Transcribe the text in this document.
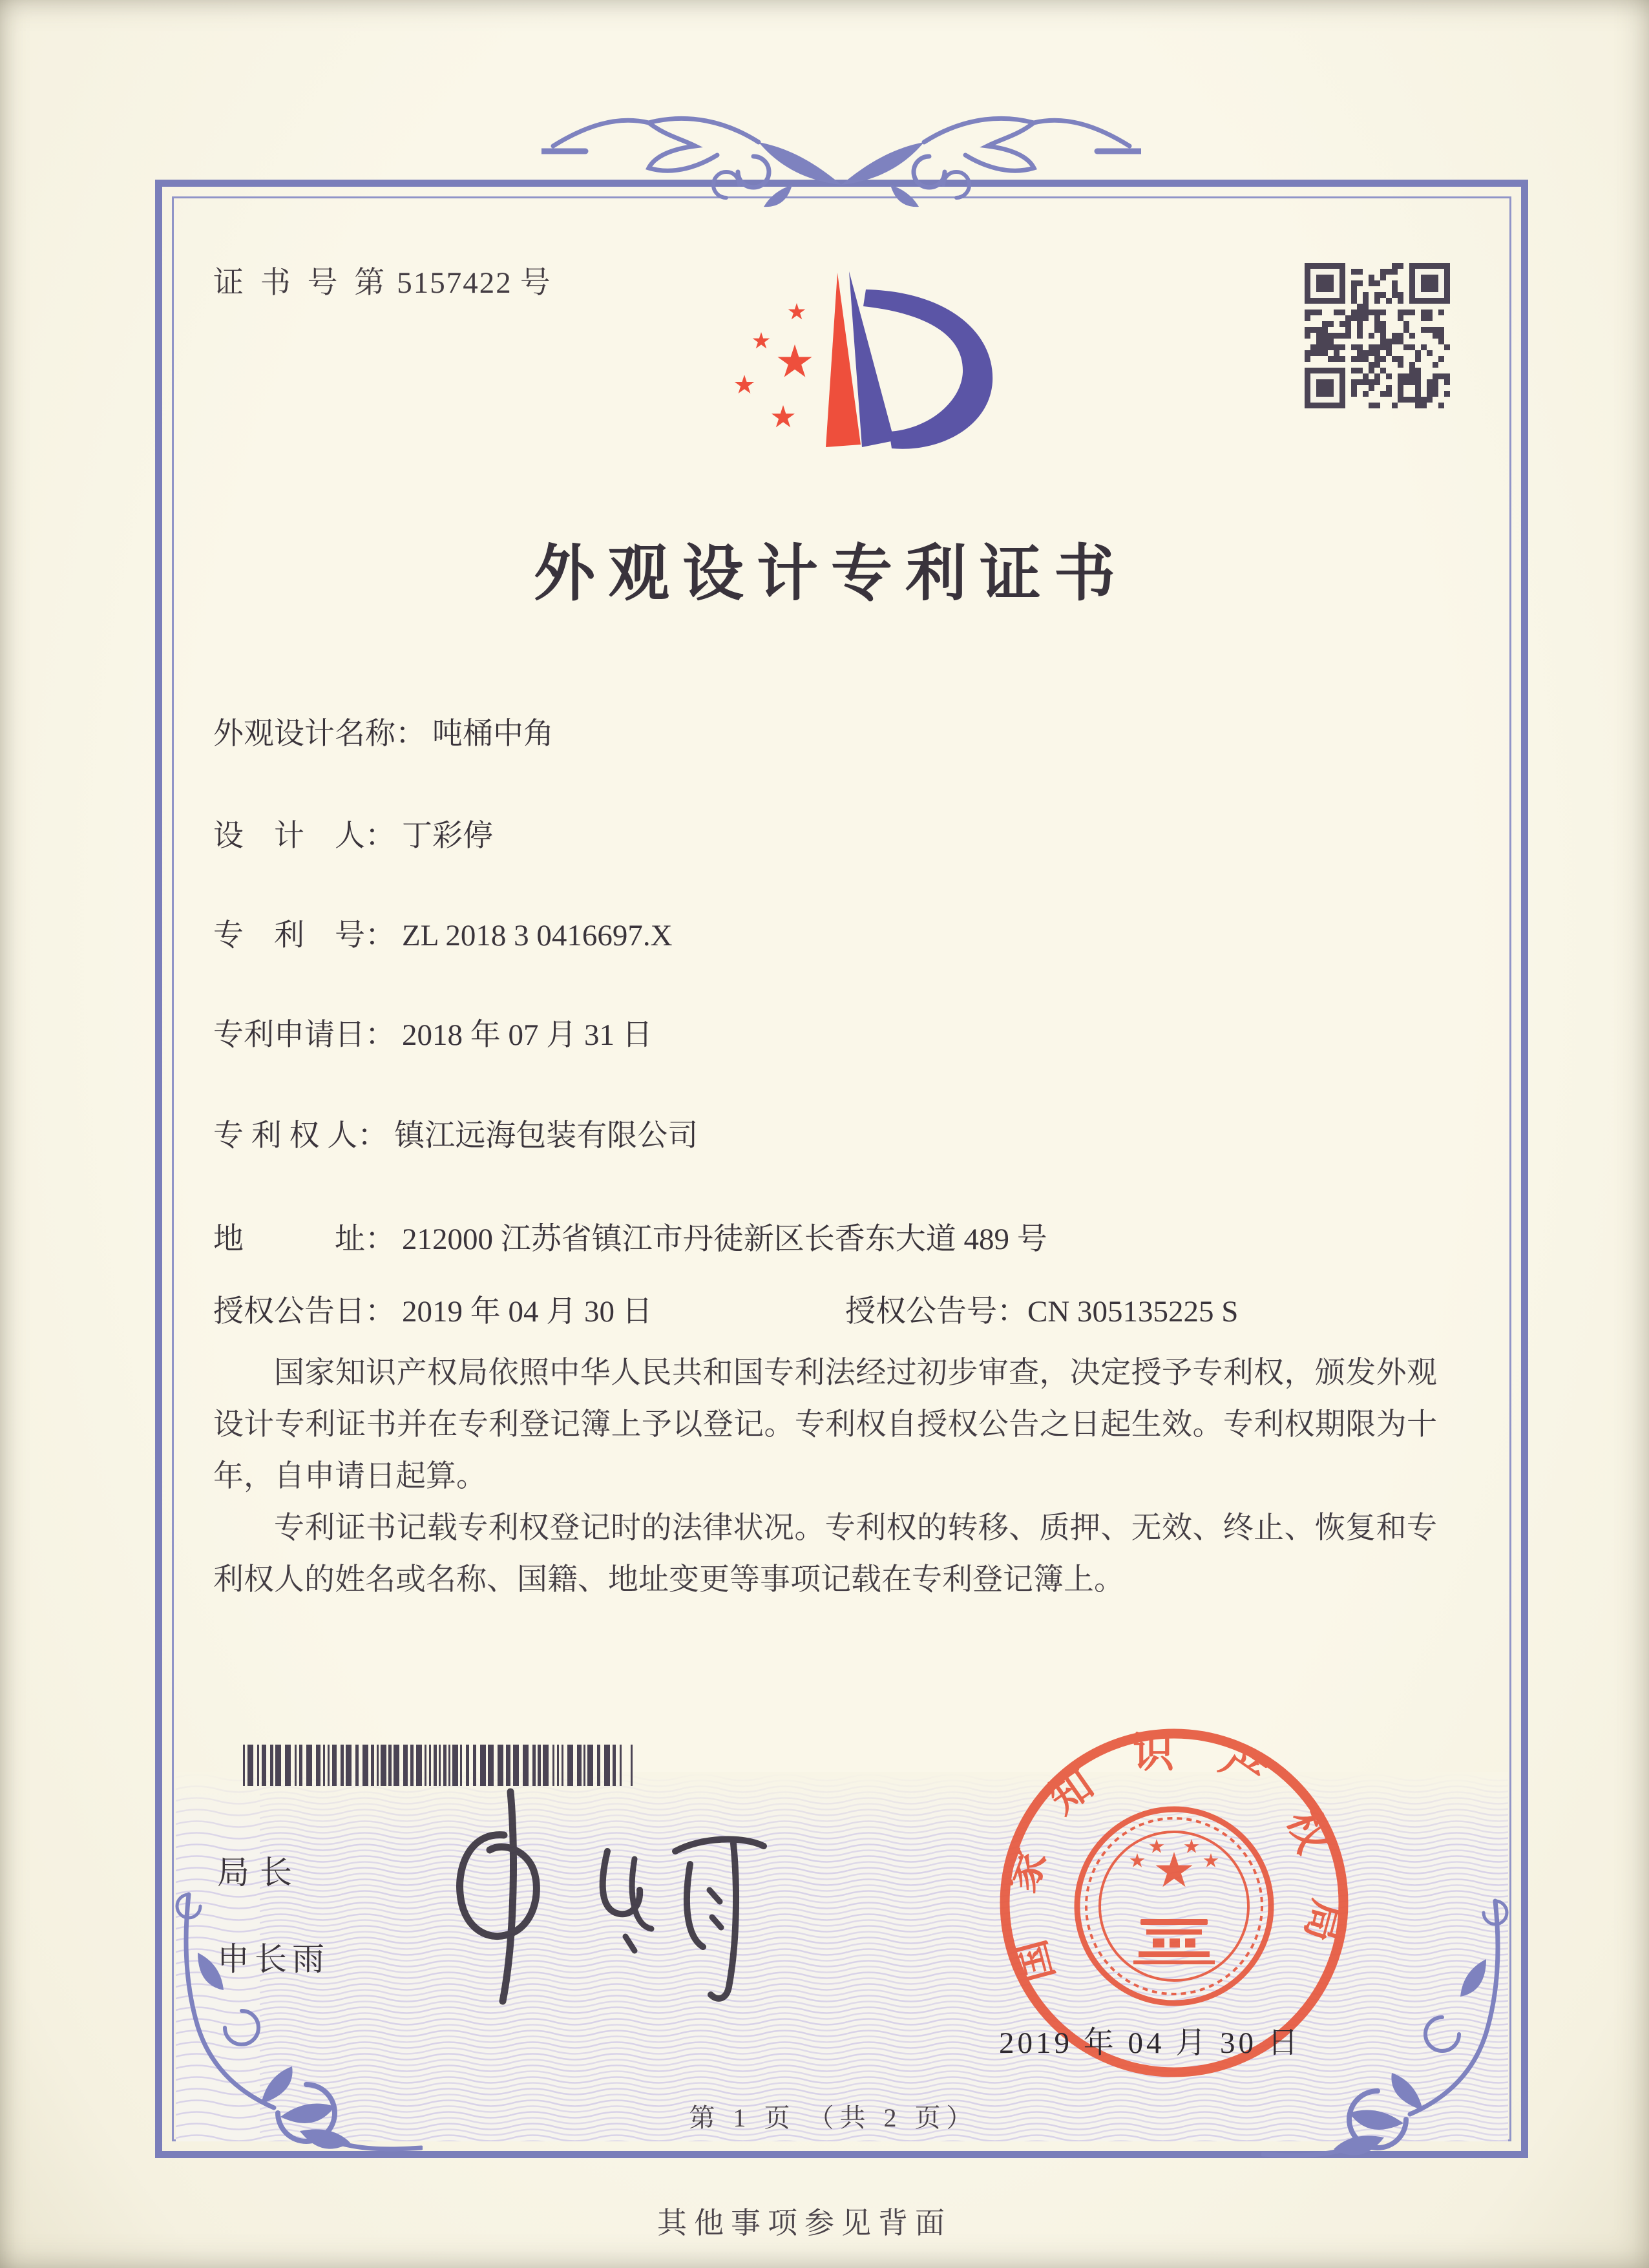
证 书 号 第 5157422 号
外观设计专利证书
外观设计名称： 吨桶中角
设　计　人： 丁彩停
专　利　号： ZL 2018 3 0416697.X
专利申请日： 2018 年 07 月 31 日
专 利 权 人： 镇江远海包装有限公司
地　　　址： 212000 江苏省镇江市丹徒新区长香东大道 489 号
授权公告日： 2019 年 04 月 30 日	授权公告号：CN 305135225 S

国家知识产权局依照中华人民共和国专利法经过初步审查，决定授予专利权，颁发外观设计专利证书并在专利登记簿上予以登记。专利权自授权公告之日起生效。专利权期限为十年，自申请日起算。

专利证书记载专利权登记时的法律状况。专利权的转移、质押、无效、终止、恢复和专利权人的姓名或名称、国籍、地址变更等事项记载在专利登记簿上。

局长
申长雨	国家知识产权局
2019 年 04 月 30 日
第 1 页 （共 2 页）
其他事项参见背面
